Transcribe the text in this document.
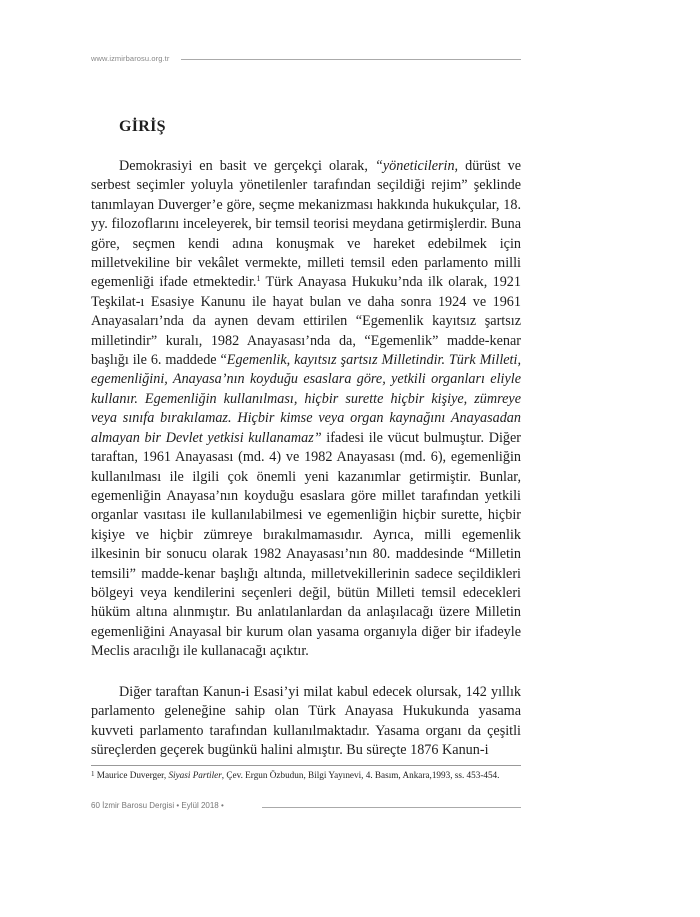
www.izmirbarosu.org.tr
GİRİŞ

Demokrasiyi en basit ve gerçekçi olarak, “yöneticilerin, dürüst ve serbest seçimler yoluyla yönetilenler tarafından seçildiği rejim” şeklinde tanımlayan Duverger’e göre, seçme mekanizması hakkında hukukçular, 18. yy. filozoflarını inceleyerek, bir temsil teorisi meydana getirmişlerdir. Buna göre, seçmen kendi adına konuşmak ve hareket edebilmek için milletvekiline bir vekâlet vermekte, milleti temsil eden parlamento milli egemenliği ifade etmektedir.$^1$ Türk Anayasa Hukuku’nda ilk olarak, 1921 Teşkilat-ı Esasiye Kanunu ile hayat bulan ve daha sonra 1924 ve 1961 Anayasaları’nda da aynen devam ettirilen “Egemenlik kayıtsız şartsız milletindir” kuralı, 1982 Anayasası’nda da, “Egemenlik” madde-kenar başlığı ile 6. maddede “Egemenlik, kayıtsız şartsız Milletindir. Türk Milleti, egemenliğini, Anayasa’nın koyduğu esaslara göre, yetkili organları eliyle kullanır. Egemenliğin kullanılması, hiçbir surette hiçbir kişiye, zümreye veya sınıfa bırakılamaz. Hiçbir kimse veya organ kaynağını Anayasadan almayan bir Devlet yetkisi kullanamaz” ifadesi ile vücut bulmuştur. Diğer taraftan, 1961 Anayasası (md. 4) ve 1982 Anayasası (md. 6), egemenliğin kullanılması ile ilgili çok önemli yeni kazanımlar getirmiştir. Bunlar, egemenliğin Anayasa’nın koyduğu esaslara göre millet tarafından yetkili organlar vasıtası ile kullanılabilmesi ve egemenliğin hiçbir surette, hiçbir kişiye ve hiçbir zümreye bırakılmamasıdır. Ayrıca, milli egemenlik ilkesinin bir sonucu olarak 1982 Anayasası’nın 80. maddesinde “Milletin temsili” madde-kenar başlığı altında, milletvekillerinin sadece seçildikleri bölgeyi veya kendilerini seçenleri değil, bütün Milleti temsil edecekleri hüküm altına alınmıştır. Bu anlatılanlardan da anlaşılacağı üzere Milletin egemenliğini Anayasal bir kurum olan yasama organıyla diğer bir ifadeyle Meclis aracılığı ile kullanacağı açıktır.

Diğer taraftan Kanun-i Esasi’yi milat kabul edecek olursak, 142 yıllık parlamento geleneğine sahip olan Türk Anayasa Hukukunda yasama kuvveti parlamento tarafından kullanılmaktadır. Yasama organı da çeşitli süreçlerden geçerek bugünkü halini almıştır. Bu süreçte 1876 Kanun-i

$^1$ Maurice Duverger, Siyasi Partiler, Çev. Ergun Özbudun, Bilgi Yayınevi, 4. Basım, Ankara,1993, ss. 453-454.

60 İzmir Barosu Dergisi • Eylül 2018 •
